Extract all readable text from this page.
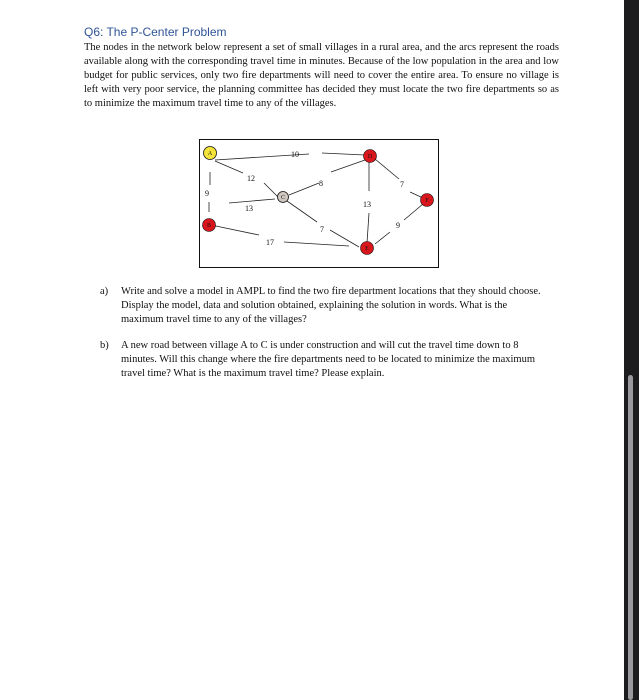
Q6: The P-Center Problem
The nodes in the network below represent a set of small villages in a rural area, and the arcs represent the roads available along with the corresponding travel time in minutes. Because of the low population in the area and low budget for public services, only two fire departments will need to cover the entire area. To ensure no village is left with very poor service, the planning committee has decided they must locate the two fire departments so as to minimize the maximum travel time to any of the villages.
10
9
12
8
7
13
17
13
7
9
A
B
C
D
E
F
a) Write and solve a model in AMPL to find the two fire department locations that they should choose. Display the model, data and solution obtained, explaining the solution in words. What is the maximum travel time to any of the villages?
b) A new road between village A to C is under construction and will cut the travel time down to 8 minutes. Will this change where the fire departments need to be located to minimize the maximum travel time? What is the maximum travel time? Please explain.
